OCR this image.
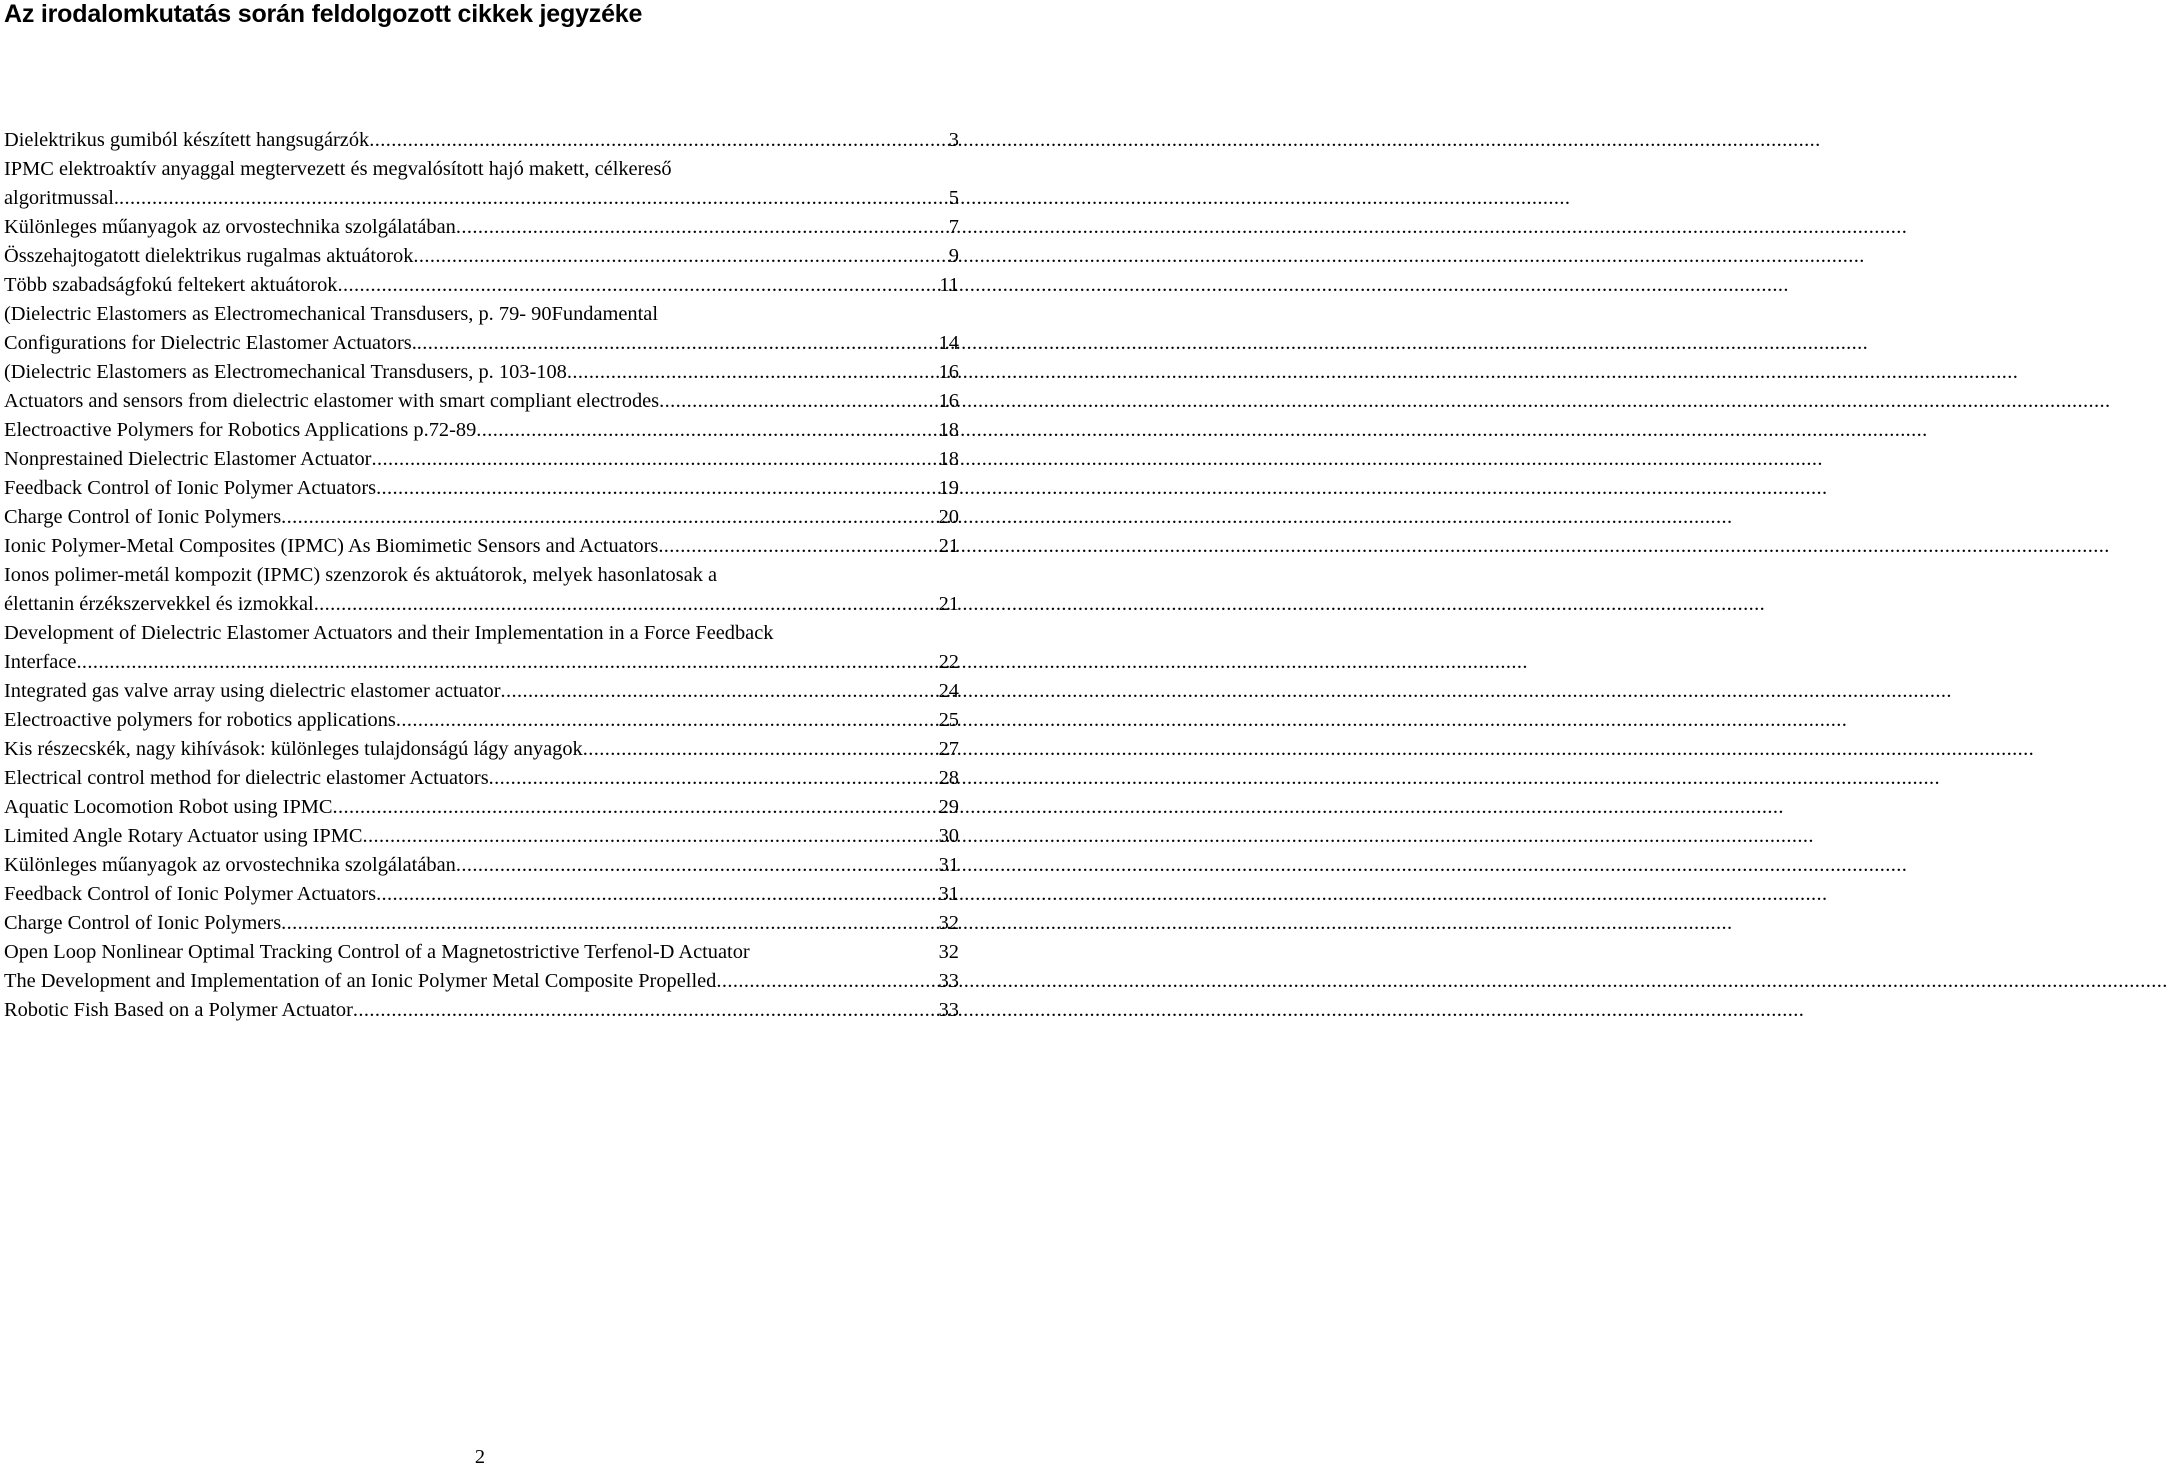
Az irodalomkutatás során feldolgozott cikkek jegyzéke
Dielektrikus gumiból készített hangsugárzók .....	3
IPMC elektroaktív anyaggal megtervezett és megvalósított hajó makett, célkereső
algoritmussal. .....	5
Különleges műanyagok az orvostechnika szolgálatában .....	7
Összehajtogatott dielektrikus rugalmas aktuátorok .....	9
Több szabadságfokú feltekert aktuátorok .....	11
(Dielectric Elastomers as Electromechanical Transdusers, p. 79- 90Fundamental
Configurations for Dielectric Elastomer Actuators. .....	14
(Dielectric Elastomers as Electromechanical Transdusers, p. 103-108 .....	16
Actuators and sensors from dielectric elastomer with smart compliant electrodes .....	16
Electroactive Polymers for Robotics Applications p.72-89 .....	18
Nonprestained Dielectric Elastomer Actuator .....	18
Feedback Control of Ionic Polymer Actuators .....	19
Charge Control of Ionic Polymers .....	20
Ionic Polymer-Metal Composites (IPMC) As Biomimetic Sensors and Actuators .....	21
Ionos polimer-metál kompozit (IPMC) szenzorok és aktuátorok, melyek hasonlatosak a
élettanin érzékszervekkel és izmokkal .....	21
Development of Dielectric Elastomer Actuators and their Implementation in a Force Feedback
Interface .....	22
Integrated gas valve array using dielectric elastomer actuator .....	24
Electroactive polymers for robotics applications .....	25
Kis részecskék, nagy kihívások: különleges tulajdonságú lágy anyagok .....	27
Electrical control method for dielectric elastomer Actuators .....	28
Aquatic Locomotion Robot using IPMC .....	29
Limited Angle Rotary Actuator using IPMC .....	30
Különleges műanyagok az orvostechnika szolgálatában .....	31
Feedback Control of Ionic Polymer Actuators .....	31
Charge Control of Ionic Polymers .....	32
Open Loop Nonlinear Optimal Tracking Control of a Magnetostrictive Terfenol-D Actuator	32
The Development and Implementation of an Ionic Polymer Metal Composite Propelled .....	33
Robotic Fish Based on a Polymer Actuator .....	33
2
